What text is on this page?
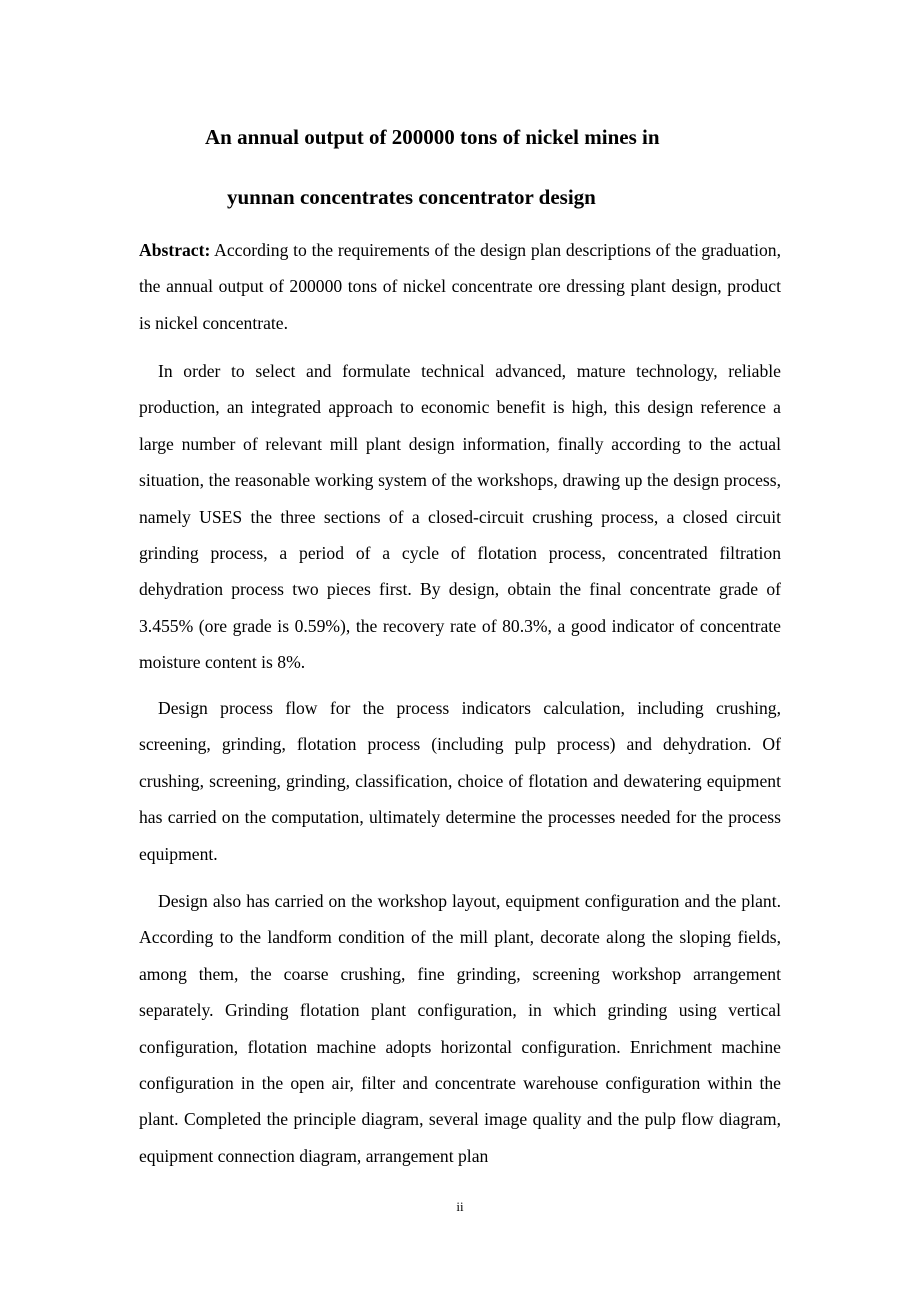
An annual output of 200000 tons of nickel mines in
yunnan concentrates concentrator design

Abstract: According to the requirements of the design plan descriptions of the graduation, the annual output of 200000 tons of nickel concentrate ore dressing plant design, product is nickel concentrate.

In order to select and formulate technical advanced, mature technology, reliable production, an integrated approach to economic benefit is high, this design reference a large number of relevant mill plant design information, finally according to the actual situation, the reasonable working system of the workshops, drawing up the design process, namely USES the three sections of a closed-circuit crushing process, a closed circuit grinding process, a period of a cycle of flotation process, concentrated filtration dehydration process two pieces first. By design, obtain the final concentrate grade of 3.455% (ore grade is 0.59%), the recovery rate of 80.3%, a good indicator of concentrate moisture content is 8%.

Design process flow for the process indicators calculation, including crushing, screening, grinding, flotation process (including pulp process) and dehydration. Of crushing, screening, grinding, classification, choice of flotation and dewatering equipment has carried on the computation, ultimately determine the processes needed for the process equipment.

Design also has carried on the workshop layout, equipment configuration and the plant. According to the landform condition of the mill plant, decorate along the sloping fields, among them, the coarse crushing, fine grinding, screening workshop arrangement separately. Grinding flotation plant configuration, in which grinding using vertical configuration, flotation machine adopts horizontal configuration. Enrichment machine configuration in the open air, filter and concentrate warehouse configuration within the plant. Completed the principle diagram, several image quality and the pulp flow diagram, equipment connection diagram, arrangement plan

ii
